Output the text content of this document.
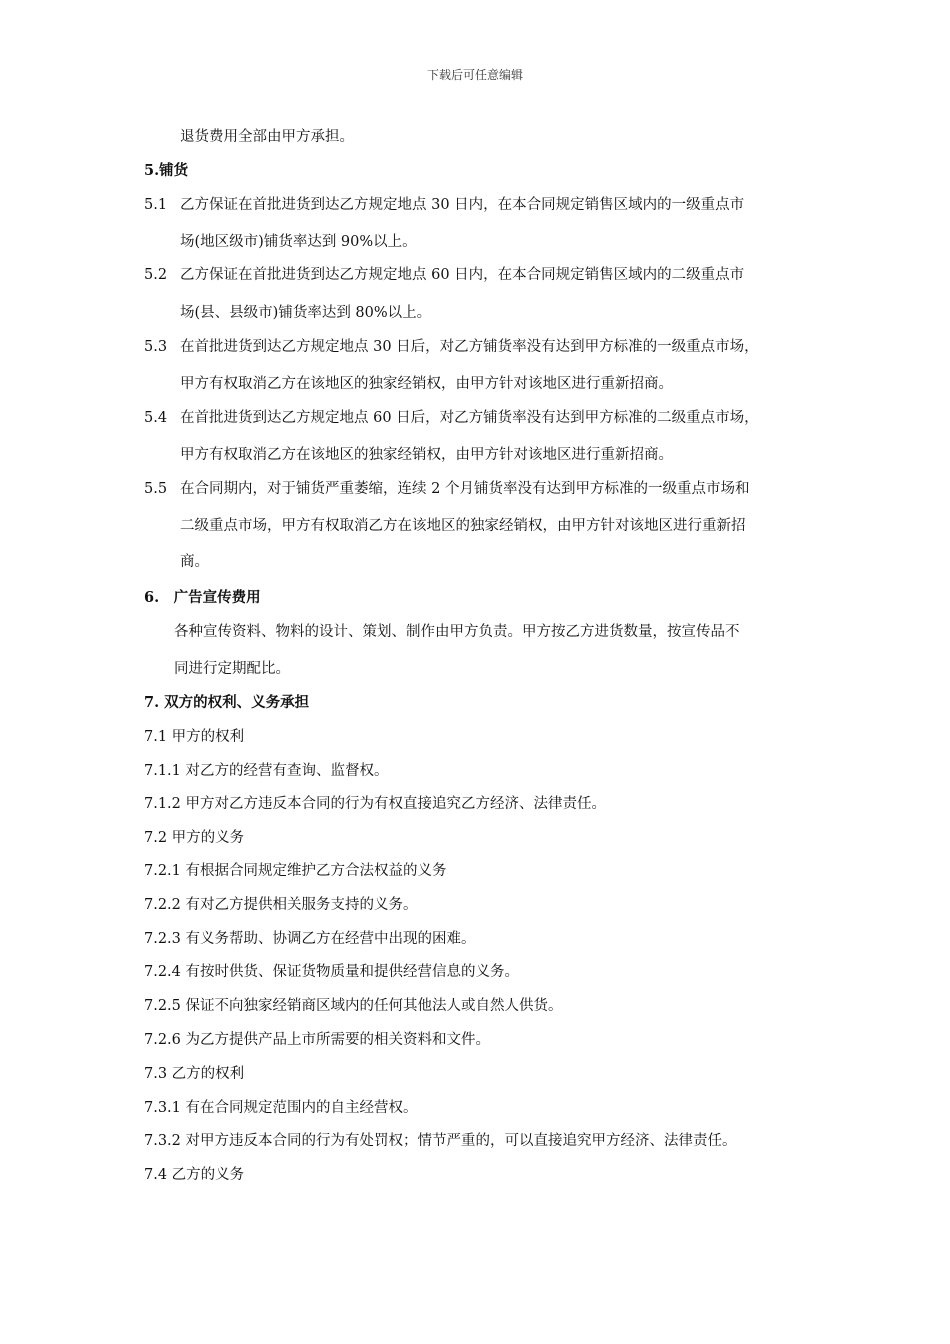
下载后可任意编辑
退货费用全部由甲方承担。
5.铺货
5.1 乙方保证在首批进货到达乙方规定地点 30 日内，在本合同规定销售区域内的一级重点市
场(地区级市)铺货率达到 90%以上。
5.2 乙方保证在首批进货到达乙方规定地点 60 日内，在本合同规定销售区域内的二级重点市
场(县、县级市)铺货率达到 80%以上。
5.3 在首批进货到达乙方规定地点 30 日后，对乙方铺货率没有达到甲方标准的一级重点市场，
甲方有权取消乙方在该地区的独家经销权，由甲方针对该地区进行重新招商。
5.4 在首批进货到达乙方规定地点 60 日后，对乙方铺货率没有达到甲方标准的二级重点市场，
甲方有权取消乙方在该地区的独家经销权，由甲方针对该地区进行重新招商。
5.5 在合同期内，对于铺货严重萎缩，连续 2 个月铺货率没有达到甲方标准的一级重点市场和
二级重点市场，甲方有权取消乙方在该地区的独家经销权，由甲方针对该地区进行重新招
商。
6.　广告宣传费用
各种宣传资料、物料的设计、策划、制作由甲方负责。甲方按乙方进货数量，按宣传品不
同进行定期配比。
7. 双方的权利、义务承担
7.1 甲方的权利
7.1.1 对乙方的经营有查询、监督权。
7.1.2 甲方对乙方违反本合同的行为有权直接追究乙方经济、法律责任。
7.2 甲方的义务
7.2.1 有根据合同规定维护乙方合法权益的义务
7.2.2 有对乙方提供相关服务支持的义务。
7.2.3 有义务帮助、协调乙方在经营中出现的困难。
7.2.4 有按时供货、保证货物质量和提供经营信息的义务。
7.2.5 保证不向独家经销商区域内的任何其他法人或自然人供货。
7.2.6 为乙方提供产品上市所需要的相关资料和文件。
7.3 乙方的权利
7.3.1 有在合同规定范围内的自主经营权。
7.3.2 对甲方违反本合同的行为有处罚权；情节严重的，可以直接追究甲方经济、法律责任。
7.4 乙方的义务
